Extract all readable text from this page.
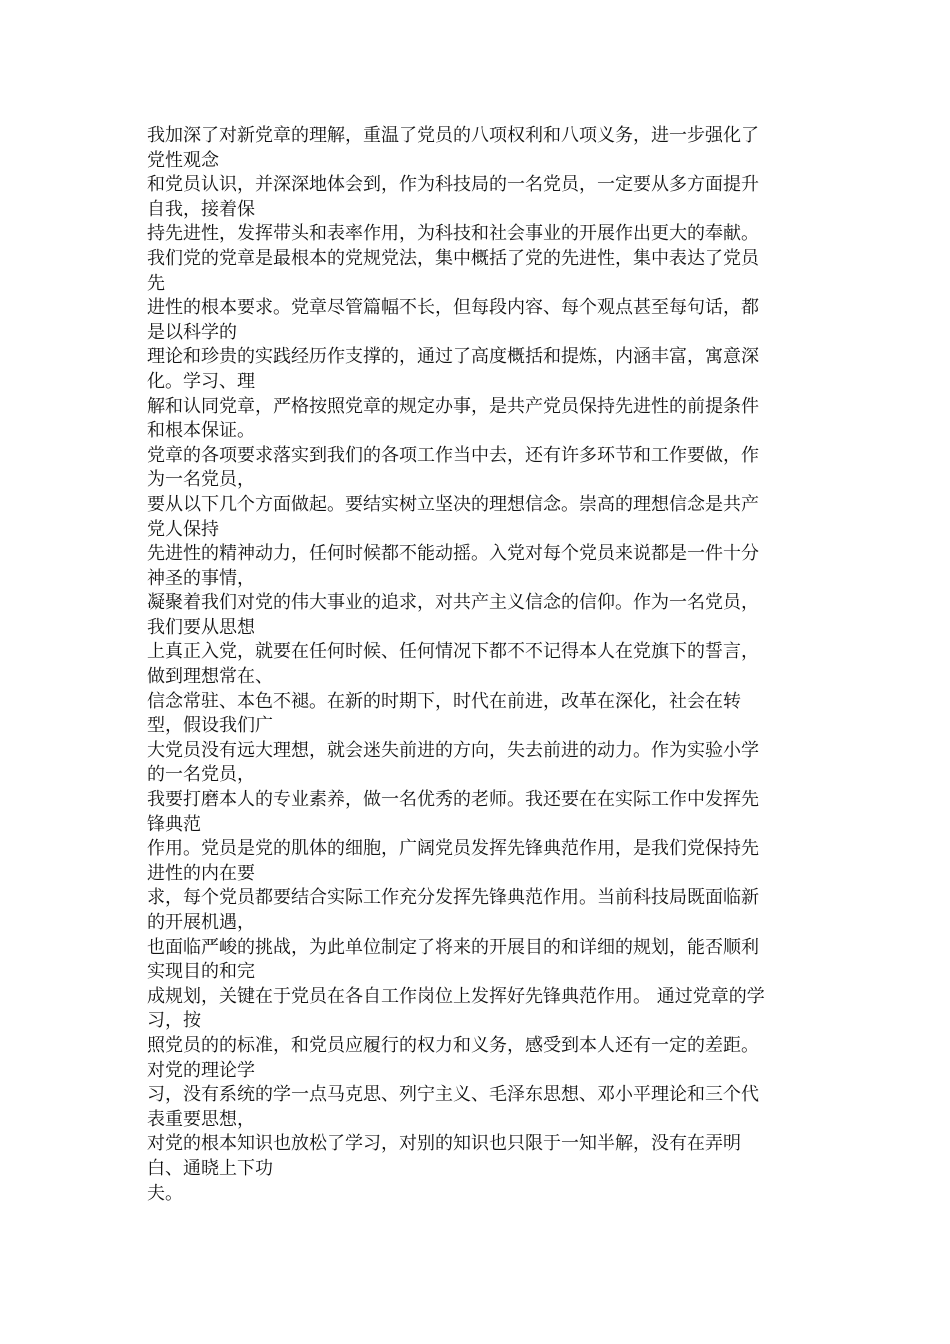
我加深了对新党章的理解，重温了党员的八项权利和八项义务，进一步强化了
党性观念
和党员认识，并深深地体会到，作为科技局的一名党员，一定要从多方面提升
自我，接着保
持先进性，发挥带头和表率作用，为科技和社会事业的开展作出更大的奉献。
我们党的党章是最根本的党规党法，集中概括了党的先进性，集中表达了党员
先
进性的根本要求。党章尽管篇幅不长，但每段内容、每个观点甚至每句话，都
是以科学的
理论和珍贵的实践经历作支撑的，通过了高度概括和提炼，内涵丰富，寓意深
化。学习、理
解和认同党章，严格按照党章的规定办事，是共产党员保持先进性的前提条件
和根本保证。
党章的各项要求落实到我们的各项工作当中去，还有许多环节和工作要做，作
为一名党员，
要从以下几个方面做起。要结实树立坚决的理想信念。崇高的理想信念是共产
党人保持
先进性的精神动力，任何时候都不能动摇。入党对每个党员来说都是一件十分
神圣的事情，
凝聚着我们对党的伟大事业的追求，对共产主义信念的信仰。作为一名党员，
我们要从思想
上真正入党，就要在任何时候、任何情况下都不不记得本人在党旗下的誓言，
做到理想常在、
信念常驻、本色不褪。在新的时期下，时代在前进，改革在深化，社会在转
型，假设我们广
大党员没有远大理想，就会迷失前进的方向，失去前进的动力。作为实验小学
的一名党员，
我要打磨本人的专业素养，做一名优秀的老师。我还要在在实际工作中发挥先
锋典范
作用。党员是党的肌体的细胞，广阔党员发挥先锋典范作用，是我们党保持先
进性的内在要
求，每个党员都要结合实际工作充分发挥先锋典范作用。当前科技局既面临新
的开展机遇，
也面临严峻的挑战，为此单位制定了将来的开展目的和详细的规划，能否顺利
实现目的和完
成规划，关键在于党员在各自工作岗位上发挥好先锋典范作用。 通过党章的学
习，按
照党员的的标准，和党员应履行的权力和义务，感受到本人还有一定的差距。
对党的理论学
习，没有系统的学一点马克思、列宁主义、毛泽东思想、邓小平理论和三个代
表重要思想，
对党的根本知识也放松了学习，对别的知识也只限于一知半解，没有在弄明
白、通晓上下功
夫。
